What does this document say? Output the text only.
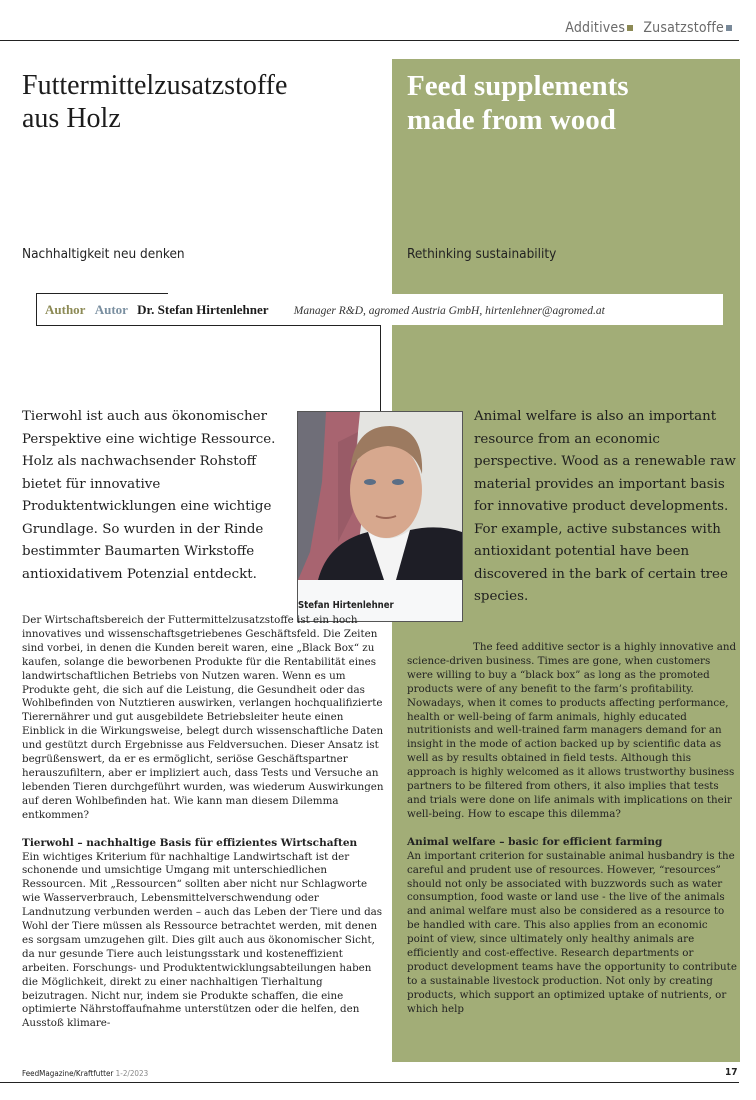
Additives Zusatzstoffe
Futtermittelzusatzstoffe
aus Holz
Feed supplements
made from wood
Nachhaltigkeit neu denken	Rethinking sustainability
Author Autor Dr. Stefan Hirtenlehner Manager R&D, agromed Austria GmbH, hirtenlehner@agromed.at
Tierwohl ist auch aus ökonomischer Perspektive eine wichtige Ressource. Holz als nachwachsender Rohstoff bietet für innovative Produktentwicklungen eine wichtige Grundlage. So wurden in der Rinde bestimmter Baumarten Wirkstoffe antioxidativem Potenzial entdeckt.
Animal welfare is also an important resource from an economic perspective. Wood as a renewable raw material provides an important basis for innovative product developments. For example, active substances with antioxidant potential have been discovered in the bark of certain tree species.
Stefan Hirtenlehner

Der Wirtschaftsbereich der Futtermittelzusatzstoffe ist ein hoch innovatives und wissenschaftsgetriebenes Geschäftsfeld. Die Zeiten sind vorbei, in denen die Kunden bereit waren, eine „Black Box“ zu kaufen, solange die beworbenen Produkte für die Rentabilität eines landwirtschaftlichen Betriebs von Nutzen waren. Wenn es um Produkte geht, die sich auf die Leistung, die Gesundheit oder das Wohlbefinden von Nutztieren auswirken, verlangen hochqualifizierte Tierernährer und gut ausgebildete Betriebsleiter heute einen Einblick in die Wirkungsweise, belegt durch wissenschaftliche Daten und gestützt durch Ergebnisse aus Feldversuchen. Dieser Ansatz ist begrüßenswert, da er es ermöglicht, seriöse Geschäftspartner herauszufiltern, aber er impliziert auch, dass Tests und Versuche an lebenden Tieren durchgeführt wurden, was wiederum Auswirkungen auf deren Wohlbefinden hat. Wie kann man diesem Dilemma entkommen?

Tierwohl – nachhaltige Basis für effizientes Wirtschaften

Ein wichtiges Kriterium für nachhaltige Landwirtschaft ist der schonende und umsichtige Umgang mit unterschiedlichen Ressourcen. Mit „Ressourcen“ sollten aber nicht nur Schlagworte wie Wasserverbrauch, Lebensmittelverschwendung oder Landnutzung verbunden werden – auch das Leben der Tiere und das Wohl der Tiere müssen als Ressource betrachtet werden, mit denen es sorgsam umzugehen gilt. Dies gilt auch aus ökonomischer Sicht, da nur gesunde Tiere auch leistungsstark und kosteneffizient arbeiten. Forschungs- und Produktentwicklungsabteilungen haben die Möglichkeit, direkt zu einer nachhaltigen Tierhaltung beizutragen. Nicht nur, indem sie Produkte schaffen, die eine optimierte Nährstoffaufnahme unterstützen oder die helfen, den Ausstoß klimare-

The feed additive sector is a highly innovative and science-driven business. Times are gone, when customers were willing to buy a “black box” as long as the promoted products were of any benefit to the farm’s profitability. Nowadays, when it comes to products affecting performance, health or well-being of farm animals, highly educated nutritionists and well-trained farm managers demand for an insight in the mode of action backed up by scientific data as well as by results obtained in field tests. Although this approach is highly welcomed as it allows trustworthy business partners to be filtered from others, it also implies that tests and trials were done on life animals with implications on their well-being. How to escape this dilemma?

Animal welfare – basic for efficient farming

An important criterion for sustainable animal husbandry is the careful and prudent use of resources. However, “resources” should not only be associated with buzzwords such as water consumption, food waste or land use - the live of the animals and animal welfare must also be considered as a resource to be handled with care. This also applies from an economic point of view, since ultimately only healthy animals are efficiently and cost-effective. Research departments or product development teams have the opportunity to contribute to a sustainable livestock production. Not only by creating products, which support an optimized uptake of nutrients, or which help

FeedMagazine/Kraftfutter 1-2/2023	17
